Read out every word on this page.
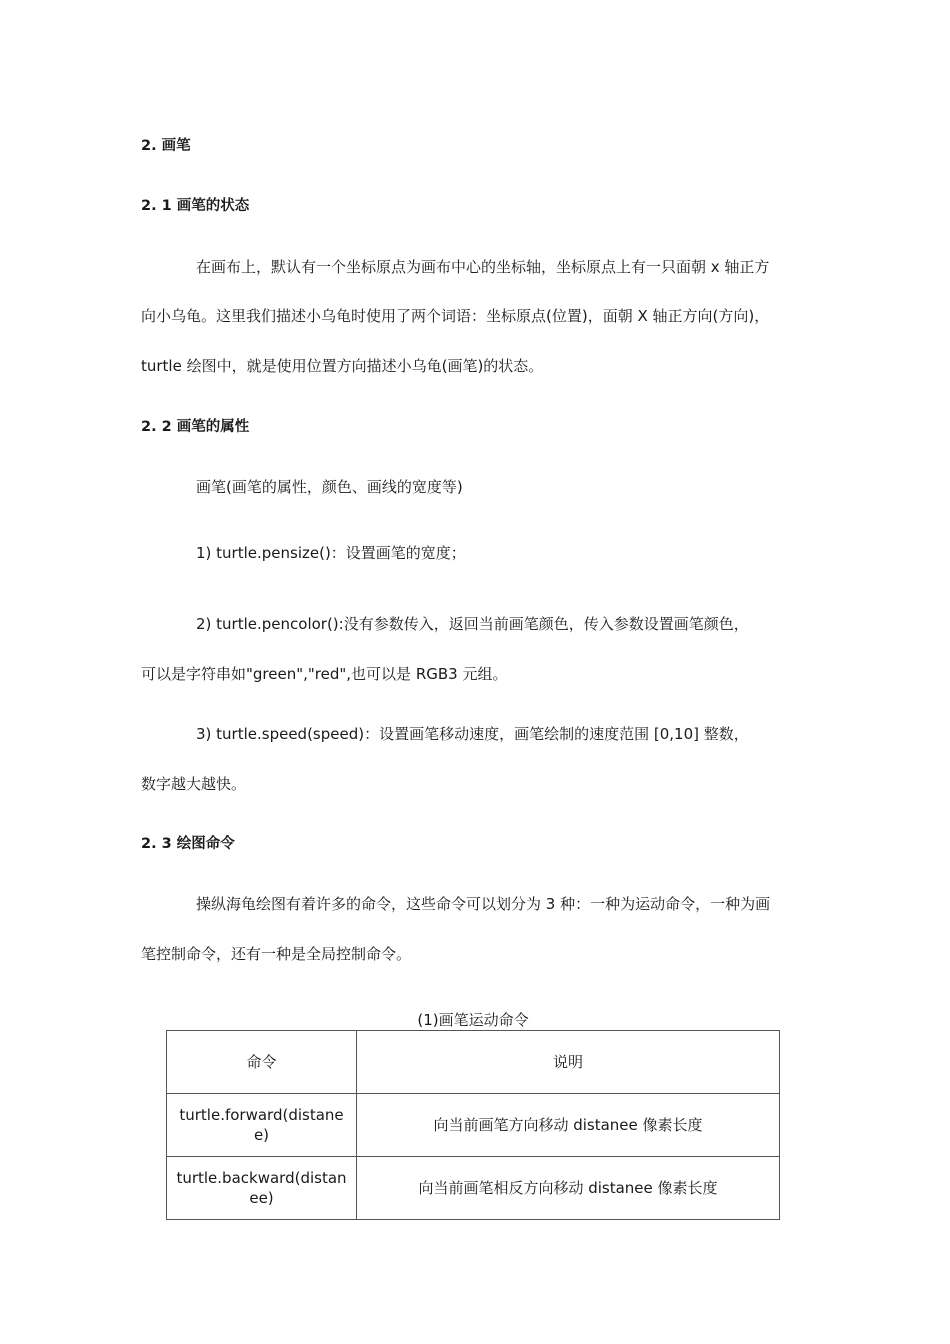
2. 画笔
2. 1 画笔的状态
在画布上，默认有一个坐标原点为画布中心的坐标轴，坐标原点上有一只面朝 x 轴正方
向小乌龟。这里我们描述小乌龟时使用了两个词语：坐标原点(位置)，面朝 X 轴正方向(方向)，
turtle 绘图中，就是使用位置方向描述小乌龟(画笔)的状态。
2. 2 画笔的属性
画笔(画笔的属性，颜色、画线的宽度等)
1) turtle.pensize()：设置画笔的宽度；
2) turtle.pencolor():没有参数传入，返回当前画笔颜色，传入参数设置画笔颜色，
可以是字符串如"green","red",也可以是 RGB3 元组。
3) turtle.speed(speed)：设置画笔移动速度，画笔绘制的速度范围 [0,10] 整数，
数字越大越快。
2. 3 绘图命令
操纵海龟绘图有着许多的命令，这些命令可以划分为 3 种：一种为运动命令，一种为画
笔控制命令，还有一种是全局控制命令。
(1)画笔运动命令
命令	说明
turtle.forward(distanee)	向当前画笔方向移动 distanee 像素长度
turtle.backward(distanee)	向当前画笔相反方向移动 distanee 像素长度
